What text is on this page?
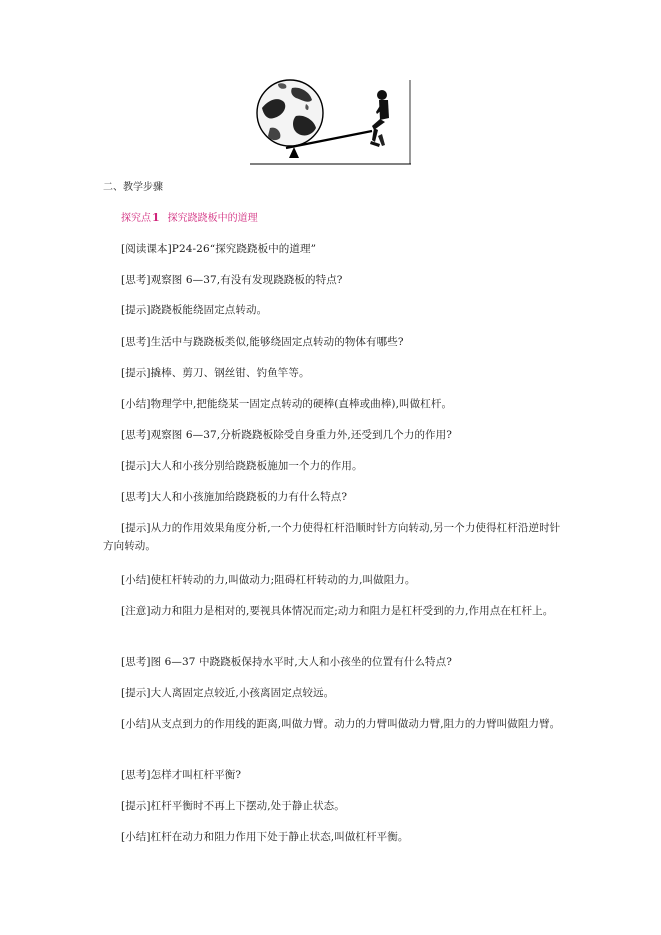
二、教学步骤
探究点1 探究跷跷板中的道理
[阅读课本]P24-26“探究跷跷板中的道理”
[思考]观察图 6—37,有没有发现跷跷板的特点?
[提示]跷跷板能绕固定点转动。
[思考]生活中与跷跷板类似,能够绕固定点转动的物体有哪些?
[提示]撬棒、剪刀、钢丝钳、钓鱼竿等。
[小结]物理学中,把能绕某一固定点转动的硬棒(直棒或曲棒),叫做杠杆。
[思考]观察图 6—37,分析跷跷板除受自身重力外,还受到几个力的作用?
[提示]大人和小孩分别给跷跷板施加一个力的作用。
[思考]大人和小孩施加给跷跷板的力有什么特点?
[提示]从力的作用效果角度分析,一个力使得杠杆沿顺时针方向转动,另一个力使得杠杆沿逆时针方向转动。
[小结]使杠杆转动的力,叫做动力;阻碍杠杆转动的力,叫做阻力。
[注意]动力和阻力是相对的,要视具体情况而定;动力和阻力是杠杆受到的力,作用点在杠杆上。
[思考]图 6—37 中跷跷板保持水平时,大人和小孩坐的位置有什么特点?
[提示]大人离固定点较近,小孩离固定点较远。
[小结]从支点到力的作用线的距离,叫做力臂。动力的力臂叫做动力臂,阻力的力臂叫做阻力臂。
[思考]怎样才叫杠杆平衡?
[提示]杠杆平衡时不再上下摆动,处于静止状态。
[小结]杠杆在动力和阻力作用下处于静止状态,叫做杠杆平衡。
